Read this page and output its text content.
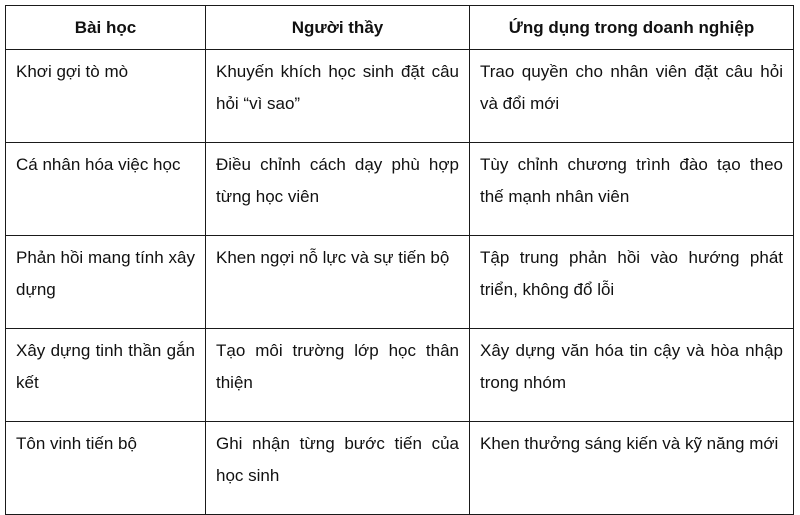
Bài học	Người thầy	Ứng dụng trong doanh nghiệp
Khơi gợi tò mò	Khuyến khích học sinh đặt câu hỏi “vì sao”	Trao quyền cho nhân viên đặt câu hỏi và đổi mới
Cá nhân hóa việc học	Điều chỉnh cách dạy phù hợp từng học viên	Tùy chỉnh chương trình đào tạo theo thế mạnh nhân viên
Phản hồi mang tính xây dựng	Khen ngợi nỗ lực và sự tiến bộ	Tập trung phản hồi vào hướng phát triển, không đổ lỗi
Xây dựng tinh thần gắn kết	Tạo môi trường lớp học thân thiện	Xây dựng văn hóa tin cậy và hòa nhập trong nhóm
Tôn vinh tiến bộ	Ghi nhận từng bước tiến của học sinh	Khen thưởng sáng kiến và kỹ năng mới
